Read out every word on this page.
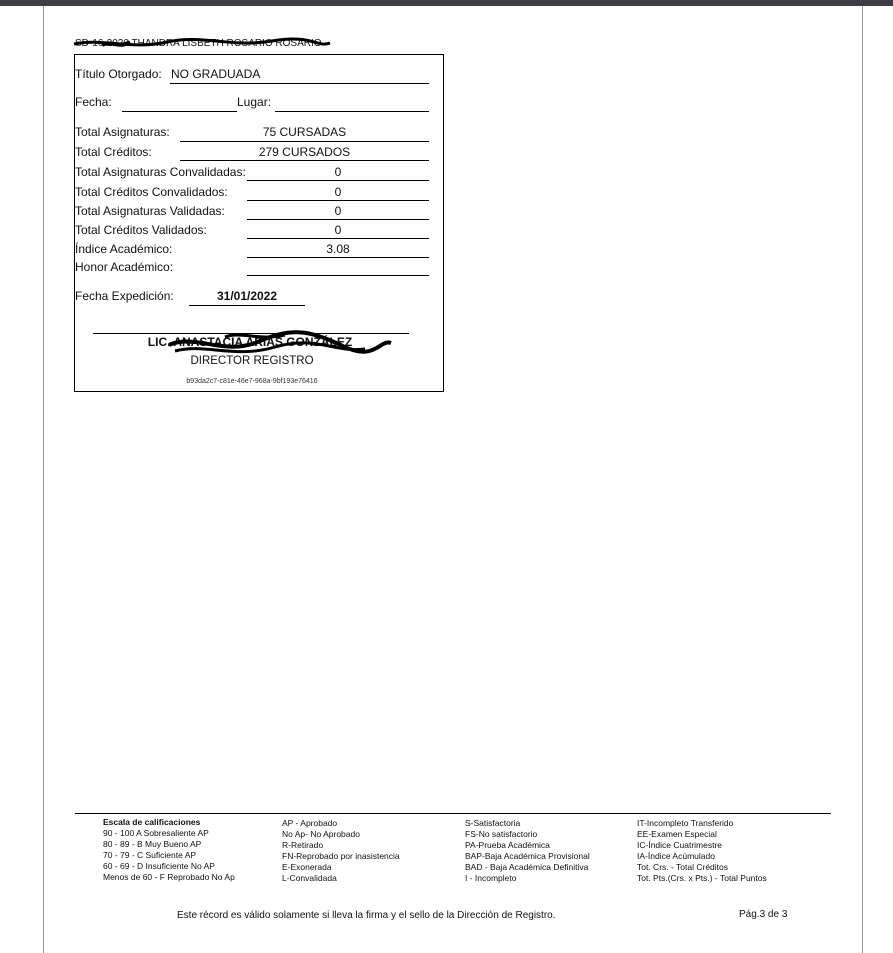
SD-16-2020 THANDRA LISBETH ROSARIO ROSARIO
Título Otorgado: NO GRADUADA
Fecha:	Lugar:
Total Asignaturas:	75 CURSADAS
Total Créditos:	279 CURSADOS
Total Asignaturas Convalidadas:	0
Total Créditos Convalidados:	0
Total Asignaturas Validadas:	0
Total Créditos Validados:	0
Índice Académico:	3.08
Honor Académico:
Fecha Expedición:	31/01/2022
LIC. ANASTACIA ARIAS GONZÁLEZ
DIRECTOR REGISTRO
b93da2c7-c81e-46e7-968a-9bf193e76416
Escala de calificaciones
90 - 100 A Sobresaliente AP
80 - 89 - B Muy Bueno AP
70 - 79 - C Suficiente AP
60 - 69 - D Insuficiente No AP
Menos de 60 - F Reprobado No Ap
AP - Aprobado
No Ap- No Aprobado
R-Retirado
FN-Reprobado por inasistencia
E-Exonerada
L-Convalidada
S-Satisfactoria
FS-No satisfactorio
PA-Prueba Académica
BAP-Baja Académica Provisional
BAD - Baja Académica Definitiva
I - Incompleto
IT-Incompleto Transferido
EE-Examen Especial
IC-Índice Cuatrimestre
IA-Índice Acúmulado
Tot. Crs. - Total Créditos
Tot. Pts.(Crs. x Pts.) - Total Puntos
Este récord es válido solamente si lleva la firma y el sello de la Dirección de Registro.	Pág.3 de 3
